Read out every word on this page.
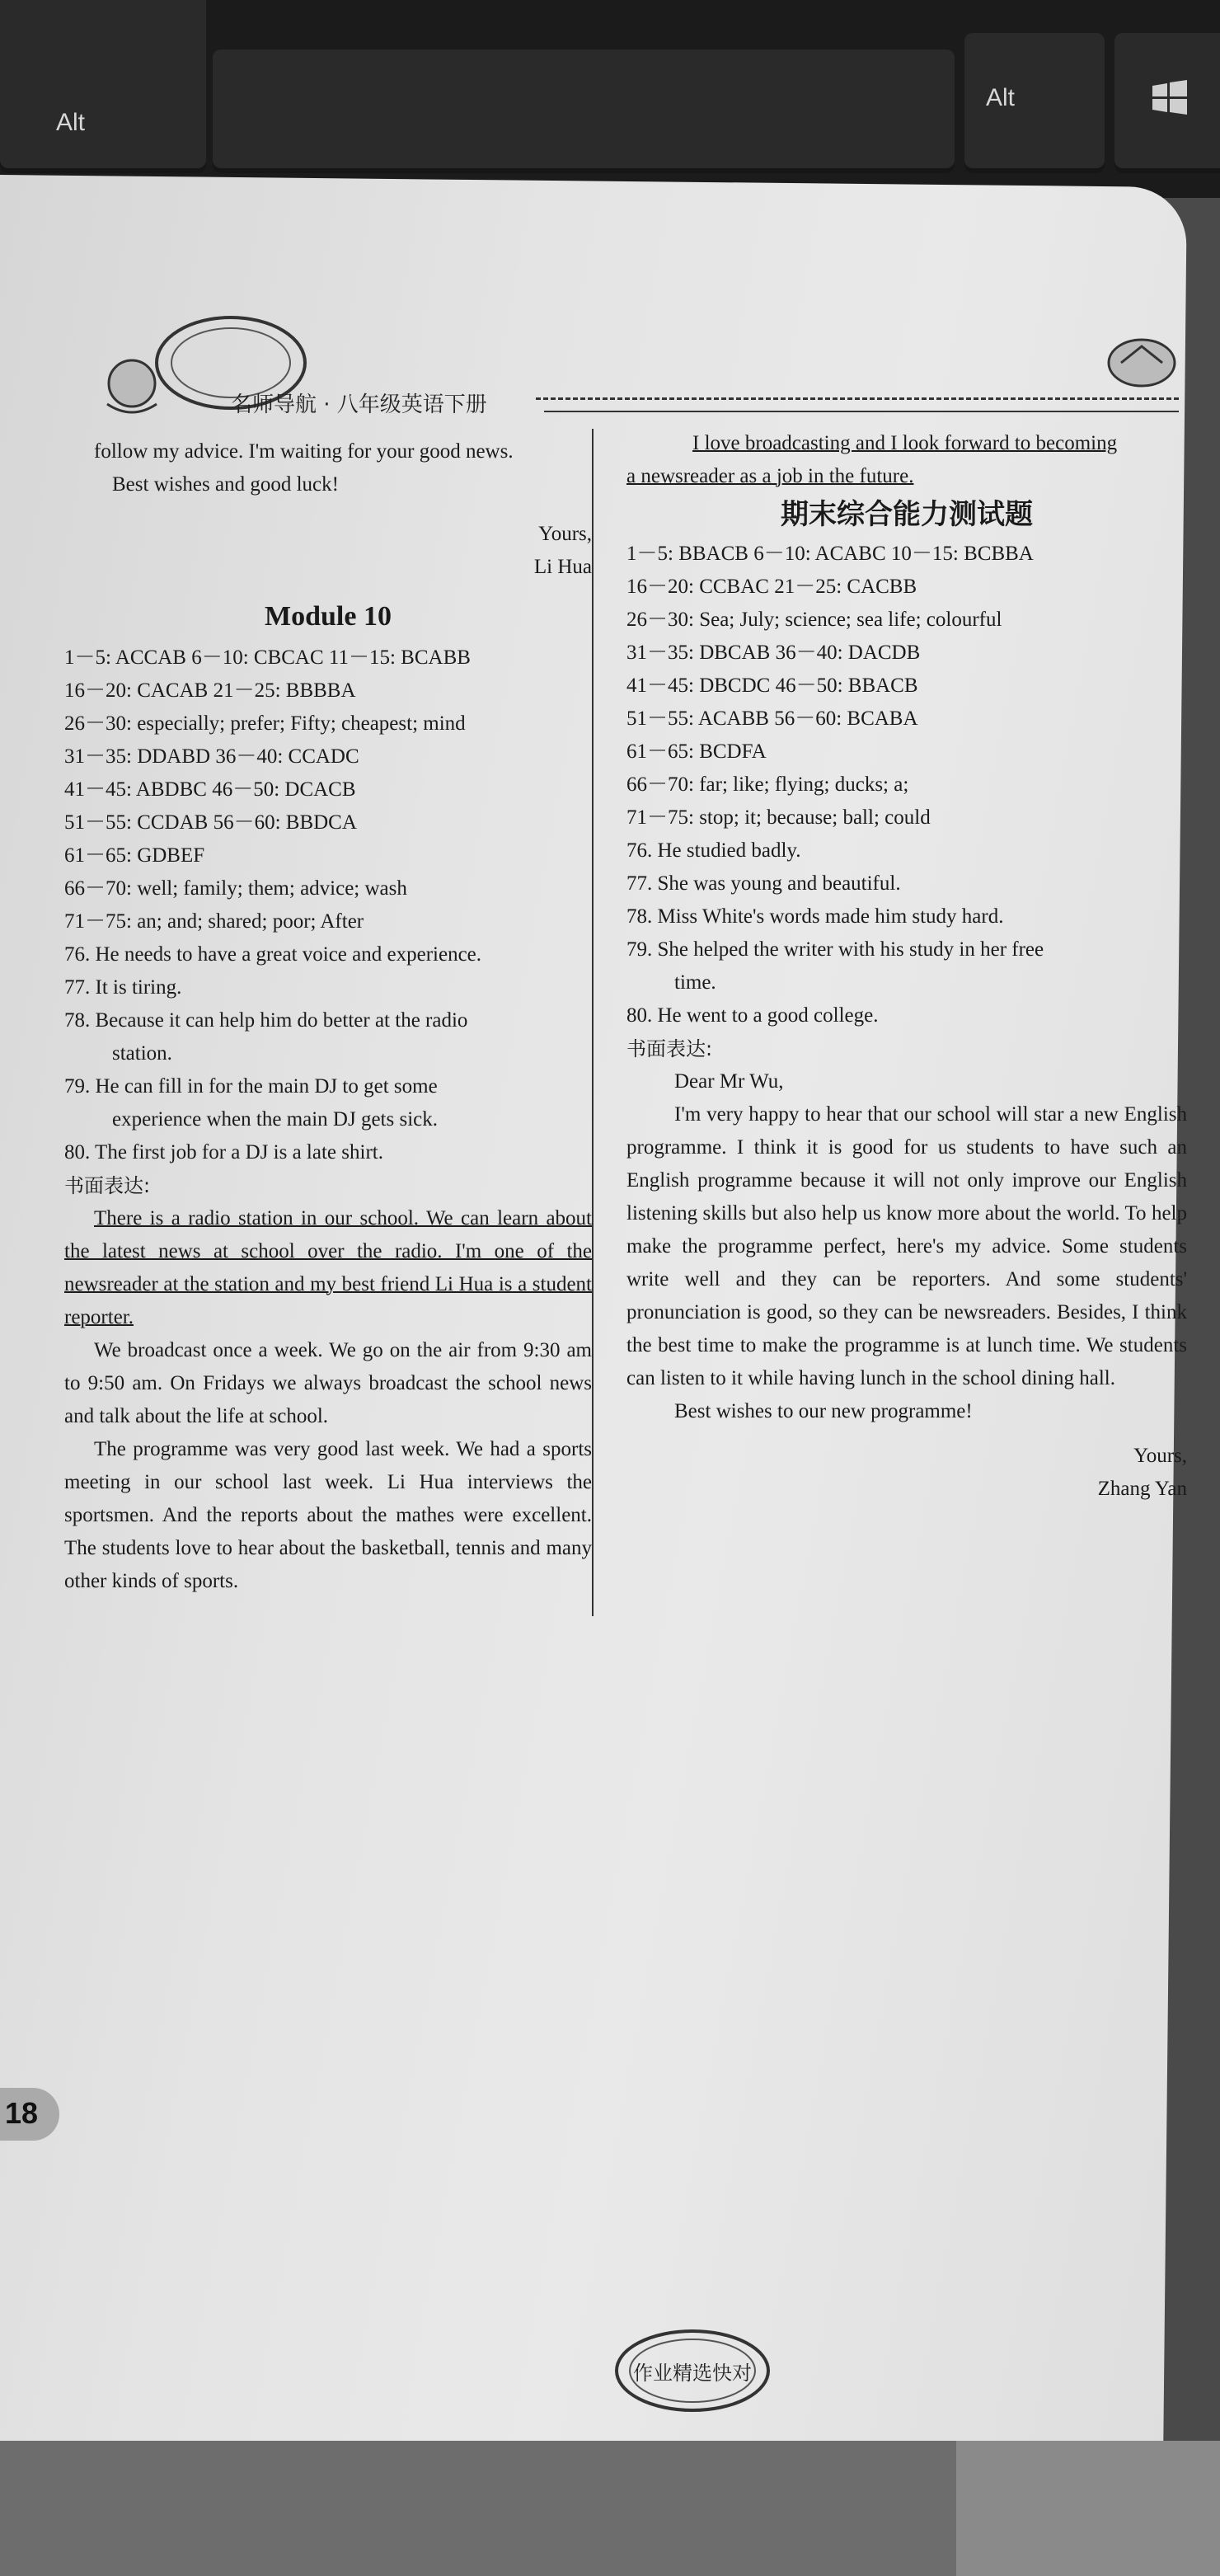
Alt
Alt
名师导航 · 八年级英语下册

follow my advice. I'm waiting for your good news.

Best wishes and good luck!

Yours,

Li Hua

Module 10

1－5: ACCAB 6－10: CBCAC 11－15: BCABB

16－20: CACAB 21－25: BBBBA

26－30: especially; prefer; Fifty; cheapest; mind

31－35: DDABD 36－40: CCADC

41－45: ABDBC 46－50: DCACB

51－55: CCDAB 56－60: BBDCA

61－65: GDBEF

66－70: well; family; them; advice; wash

71－75: an; and; shared; poor; After

76. He needs to have a great voice and experience.

77. It is tiring.

78. Because it can help him do better at the radio

station.

79. He can fill in for the main DJ to get some

experience when the main DJ gets sick.

80. The first job for a DJ is a late shirt.

书面表达:

There is a radio station in our school. We can learn about the latest news at school over the radio. I'm one of the newsreader at the station and my best friend Li Hua is a student reporter.

We broadcast once a week. We go on the air from 9:30 am to 9:50 am. On Fridays we always broadcast the school news and talk about the life at school.

The programme was very good last week. We had a sports meeting in our school last week. Li Hua interviews the sportsmen. And the reports about the mathes were excellent. The students love to hear about the basketball, tennis and many other kinds of sports.

I love broadcasting and I look forward to becoming

a newsreader as a job in the future.

期末综合能力测试题

1－5: BBACB 6－10: ACABC 10－15: BCBBA

16－20: CCBAC 21－25: CACBB

26－30: Sea; July; science; sea life; colourful

31－35: DBCAB 36－40: DACDB

41－45: DBCDC 46－50: BBACB

51－55: ACABB 56－60: BCABA

61－65: BCDFA

66－70: far; like; flying; ducks; a;

71－75: stop; it; because; ball; could

76. He studied badly.

77. She was young and beautiful.

78. Miss White's words made him study hard.

79. She helped the writer with his study in her free

time.

80. He went to a good college.

书面表达:

Dear Mr Wu,

I'm very happy to hear that our school will star a new English programme. I think it is good for us students to have such an English programme because it will not only improve our English listening skills but also help us know more about the world. To help make the programme perfect, here's my advice. Some students write well and they can be reporters. And some students' pronunciation is good, so they can be newsreaders. Besides, I think the best time to make the programme is at lunch time. We students can listen to it while having lunch in the school dining hall.

Best wishes to our new programme!

Yours,

Zhang Yan

18
作业精选快对
